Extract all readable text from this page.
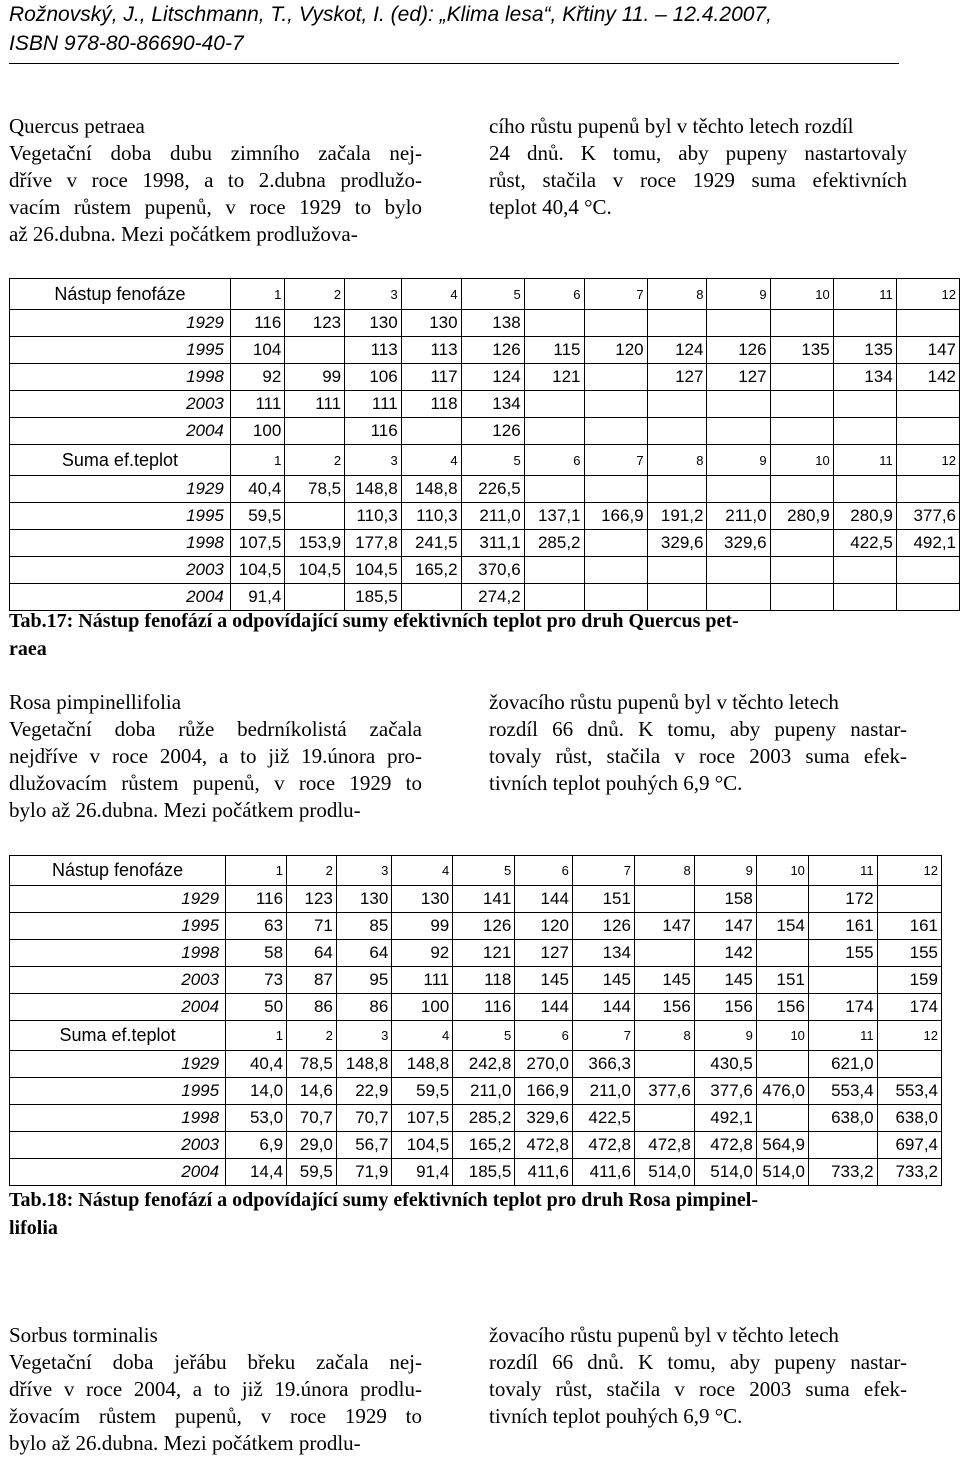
Rožnovský, J., Litschmann, T., Vyskot, I. (ed): „Klima lesa“, Křtiny 11. – 12.4.2007,
ISBN 978-80-86690-40-7
Quercus petraea
Vegetační doba dubu zimního začala nej-
dříve v roce 1998, a to 2.dubna prodlužo-
vacím růstem pupenů, v roce 1929 to bylo
až 26.dubna. Mezi počátkem prodlužova-
cího růstu pupenů byl v těchto letech rozdíl
24 dnů. K tomu, aby pupeny nastartovaly
růst, stačila v roce 1929 suma efektivních
teplot 40,4 °C.
Nástup fenofáze	1	2	3	4	5	6	7	8	9	10	11	12
1929	116	123	130	130	138							
1995	104		113	113	126	115	120	124	126	135	135	147
1998	92	99	106	117	124	121		127	127		134	142
2003	111	111	111	118	134							
2004	100		116		126							
Suma ef.teplot	1	2	3	4	5	6	7	8	9	10	11	12
1929	40,4	78,5	148,8	148,8	226,5							
1995	59,5		110,3	110,3	211,0	137,1	166,9	191,2	211,0	280,9	280,9	377,6
1998	107,5	153,9	177,8	241,5	311,1	285,2		329,6	329,6		422,5	492,1
2003	104,5	104,5	104,5	165,2	370,6							
2004	91,4		185,5		274,2							
Tab.17: Nástup fenofází a odpovídající sumy efektivních teplot pro druh Quercus pet-
raea
Rosa pimpinellifolia
Vegetační doba růže bedrníkolistá začala
nejdříve v roce 2004, a to již 19.února pro-
dlužovacím růstem pupenů, v roce 1929 to
bylo až 26.dubna. Mezi počátkem prodlu-
žovacího růstu pupenů byl v těchto letech
rozdíl 66 dnů. K tomu, aby pupeny nastar-
tovaly růst, stačila v roce 2003 suma efek-
tivních teplot pouhých 6,9 °C.
Nástup fenofáze	1	2	3	4	5	6	7	8	9	10	11	12
1929	116	123	130	130	141	144	151		158		172	
1995	63	71	85	99	126	120	126	147	147	154	161	161
1998	58	64	64	92	121	127	134		142		155	155
2003	73	87	95	111	118	145	145	145	145	151		159
2004	50	86	86	100	116	144	144	156	156	156	174	174
Suma ef.teplot	1	2	3	4	5	6	7	8	9	10	11	12
1929	40,4	78,5	148,8	148,8	242,8	270,0	366,3		430,5		621,0	
1995	14,0	14,6	22,9	59,5	211,0	166,9	211,0	377,6	377,6	476,0	553,4	553,4
1998	53,0	70,7	70,7	107,5	285,2	329,6	422,5		492,1		638,0	638,0
2003	6,9	29,0	56,7	104,5	165,2	472,8	472,8	472,8	472,8	564,9		697,4
2004	14,4	59,5	71,9	91,4	185,5	411,6	411,6	514,0	514,0	514,0	733,2	733,2
Tab.18: Nástup fenofází a odpovídající sumy efektivních teplot pro druh Rosa pimpinel-
lifolia
Sorbus torminalis
Vegetační doba jeřábu břeku začala nej-
dříve v roce 2004, a to již 19.února prodlu-
žovacím růstem pupenů, v roce 1929 to
bylo až 26.dubna. Mezi počátkem prodlu-
žovacího růstu pupenů byl v těchto letech
rozdíl 66 dnů. K tomu, aby pupeny nastar-
tovaly růst, stačila v roce 2003 suma efek-
tivních teplot pouhých 6,9 °C.
